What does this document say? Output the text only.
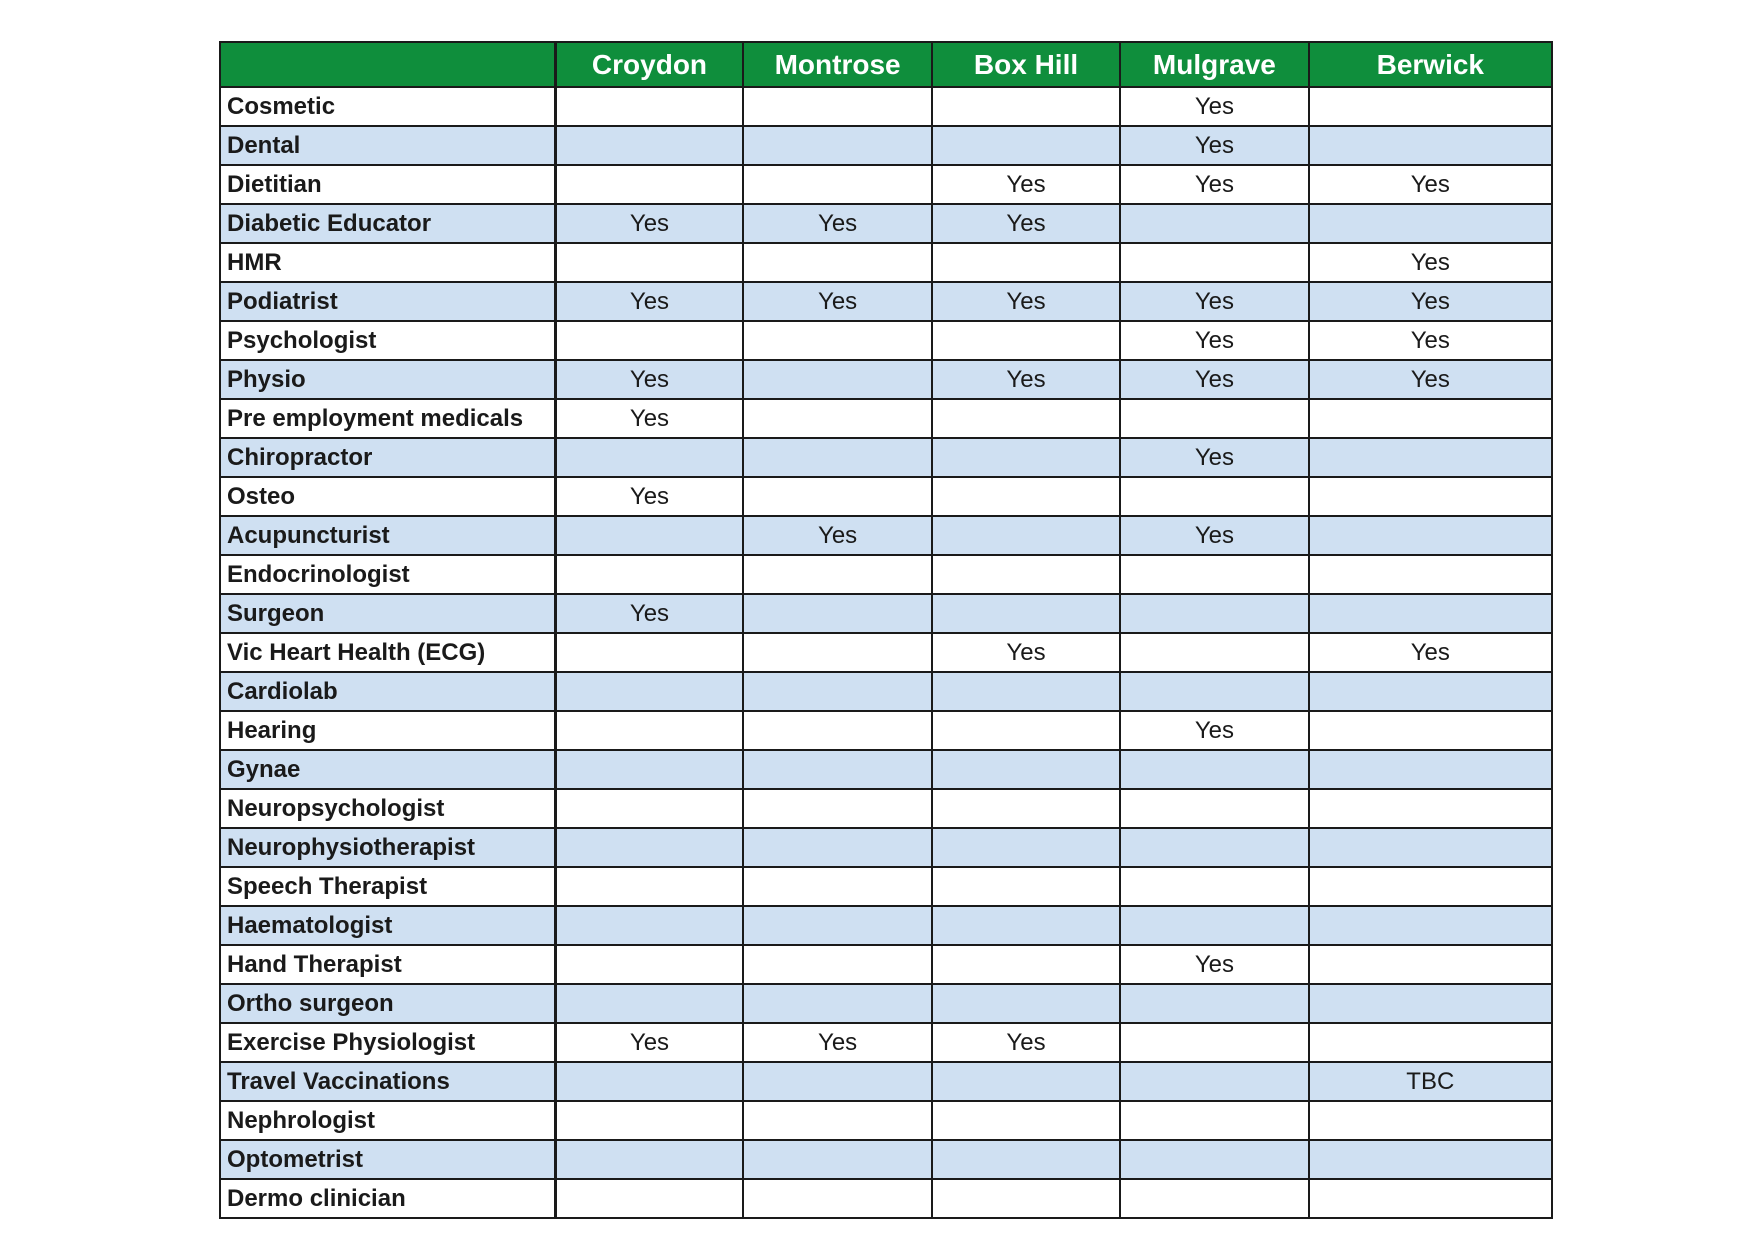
	Croydon	Montrose	Box Hill	Mulgrave	Berwick
Cosmetic				Yes	
Dental				Yes	
Dietitian			Yes	Yes	Yes
Diabetic Educator	Yes	Yes	Yes		
HMR					Yes
Podiatrist	Yes	Yes	Yes	Yes	Yes
Psychologist				Yes	Yes
Physio	Yes		Yes	Yes	Yes
Pre employment medicals	Yes				
Chiropractor				Yes	
Osteo	Yes				
Acupuncturist		Yes		Yes	
Endocrinologist					
Surgeon	Yes				
Vic Heart Health (ECG)			Yes		Yes
Cardiolab					
Hearing				Yes	
Gynae					
Neuropsychologist					
Neurophysiotherapist					
Speech Therapist					
Haematologist					
Hand Therapist				Yes	
Ortho surgeon					
Exercise Physiologist	Yes	Yes	Yes		
Travel Vaccinations					TBC
Nephrologist					
Optometrist					
Dermo clinician					
